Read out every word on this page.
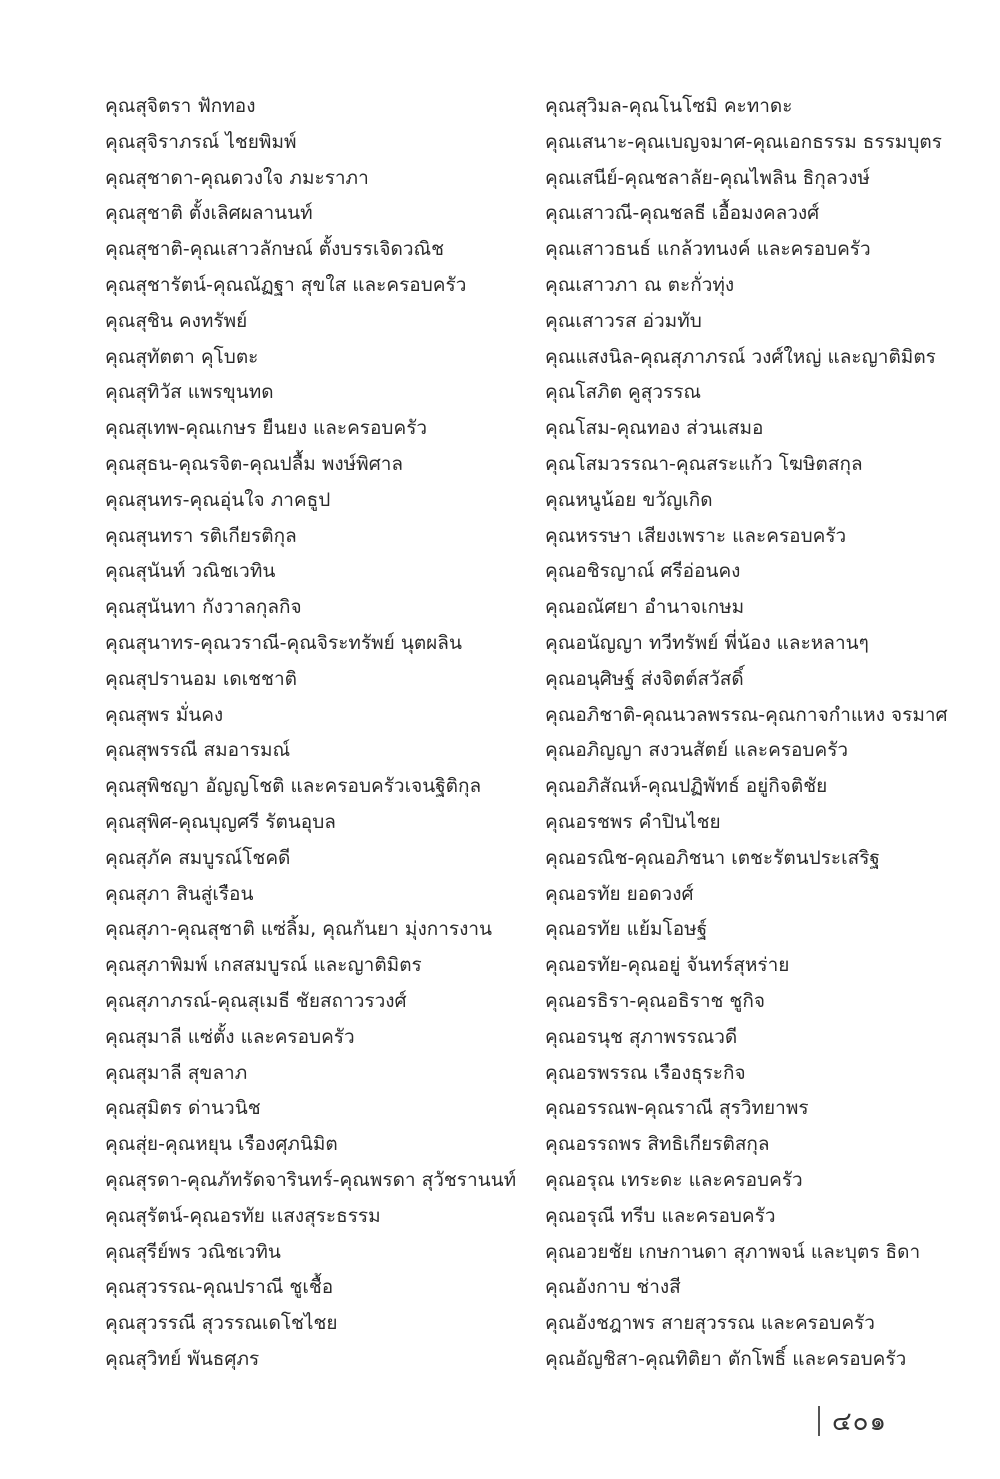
คุณสุจิตรา ฟักทอง
คุณสุจิราภรณ์ ไชยพิมพ์
คุณสุชาดา-คุณดวงใจ ภมะราภา
คุณสุชาติ ตั้งเลิศผลานนท์
คุณสุชาติ-คุณเสาวลักษณ์ ตั้งบรรเจิดวณิช
คุณสุชารัตน์-คุณณัฏฐา สุขใส และครอบครัว
คุณสุชิน คงทรัพย์
คุณสุทัตตา คุโบตะ
คุณสุทิวัส แพรขุนทด
คุณสุเทพ-คุณเกษร ยืนยง และครอบครัว
คุณสุธน-คุณรจิต-คุณปลื้ม พงษ์พิศาล
คุณสุนทร-คุณอุ่นใจ ภาคธูป
คุณสุนทรา รติเกียรติกุล
คุณสุนันท์ วณิชเวทิน
คุณสุนันทา กังวาลกุลกิจ
คุณสุนาทร-คุณวราณี-คุณจิระทรัพย์ นุตผลิน
คุณสุปรานอม เดเชชาติ
คุณสุพร มั่นคง
คุณสุพรรณี สมอารมณ์
คุณสุพิชญา อัญญโชติ และครอบครัวเจนฐิติกุล
คุณสุพิศ-คุณบุญศรี รัตนอุบล
คุณสุภัค สมบูรณ์โชคดี
คุณสุภา สินสู่เรือน
คุณสุภา-คุณสุชาติ แซ่ลิ้ม, คุณกันยา มุ่งการงาน
คุณสุภาพิมพ์ เกสสมบูรณ์ และญาติมิตร
คุณสุภาภรณ์-คุณสุเมธี ชัยสถาวรวงศ์
คุณสุมาลี แซ่ตั้ง และครอบครัว
คุณสุมาลี สุขลาภ
คุณสุมิตร ด่านวนิช
คุณสุ่ย-คุณหยุน เรืองศุภนิมิต
คุณสุรดา-คุณภัทรัดจารินทร์-คุณพรดา สุวัชรานนท์
คุณสุรัตน์-คุณอรทัย แสงสุระธรรม
คุณสุรีย์พร วณิชเวทิน
คุณสุวรรณ-คุณปราณี ชูเชื้อ
คุณสุวรรณี สุวรรณเดโชไชย
คุณสุวิทย์ พันธศุภร
คุณสุวิมล-คุณโนโซมิ คะทาดะ
คุณเสนาะ-คุณเบญจมาศ-คุณเอกธรรม ธรรมบุตร
คุณเสนีย์-คุณชลาลัย-คุณไพลิน ธิกุลวงษ์
คุณเสาวณี-คุณชลธี เอื้อมงคลวงศ์
คุณเสาวธนธ์ แกล้วทนงค์ และครอบครัว
คุณเสาวภา ณ ตะกั่วทุ่ง
คุณเสาวรส อ่วมทับ
คุณแสงนิล-คุณสุภาภรณ์ วงศ์ใหญ่ และญาติมิตร
คุณโสภิต คูสุวรรณ
คุณโสม-คุณทอง ส่วนเสมอ
คุณโสมวรรณา-คุณสระแก้ว โฆษิตสกุล
คุณหนูน้อย ขวัญเกิด
คุณหรรษา เสียงเพราะ และครอบครัว
คุณอชิรญาณ์ ศรีอ่อนคง
คุณอณัศยา อำนาจเกษม
คุณอนัญญา ทวีทรัพย์ พี่น้อง และหลานๆ
คุณอนุศิษฐ์ ส่งจิตต์สวัสดิ์
คุณอภิชาติ-คุณนวลพรรณ-คุณกาจกำแหง จรมาศ
คุณอภิญญา สงวนสัตย์ และครอบครัว
คุณอภิสัณห์-คุณปฏิพัทธ์ อยู่กิจติชัย
คุณอรชพร คำปินไชย
คุณอรณิช-คุณอภิชนา เตชะรัตนประเสริฐ
คุณอรทัย ยอดวงศ์
คุณอรทัย แย้มโอษฐ์
คุณอรทัย-คุณอยู่ จันทร์สุหร่าย
คุณอรธิรา-คุณอธิราช ชูกิจ
คุณอรนุช สุภาพรรณวดี
คุณอรพรรณ เรืองธุระกิจ
คุณอรรณพ-คุณราณี สุรวิทยาพร
คุณอรรถพร สิทธิเกียรติสกุล
คุณอรุณ เทระดะ และครอบครัว
คุณอรุณี ทรีบ และครอบครัว
คุณอวยชัย เกษกานดา สุภาพจน์ และบุตร ธิดา
คุณอังกาบ ช่างสี
คุณอังชฎาพร สายสุวรรณ และครอบครัว
คุณอัญชิสา-คุณทิติยา ตักโพธิ์ และครอบครัว
๔๐๑
